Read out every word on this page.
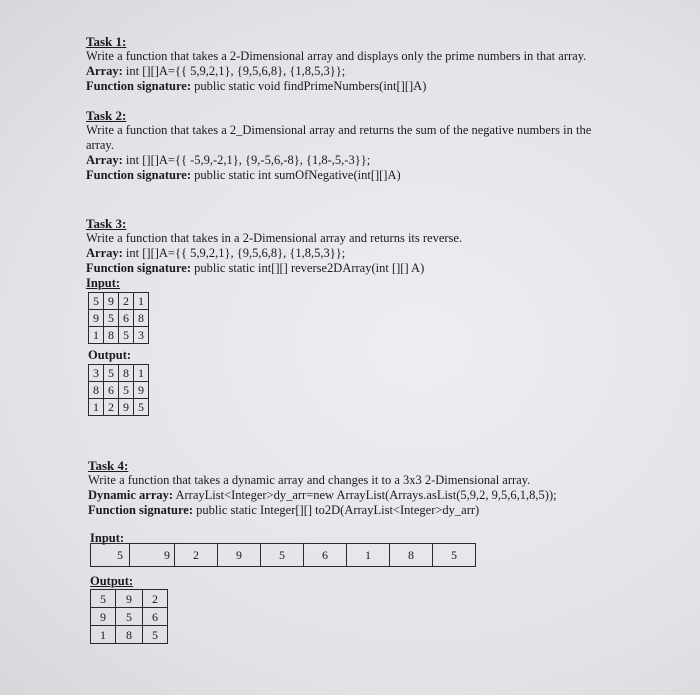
Task 1:
Write a function that takes a 2-Dimensional array and displays only the prime numbers in that array.
Array: int [][]A={{ 5,9,2,1}, {9,5,6,8}, {1,8,5,3}};
Function signature: public static void findPrimeNumbers(int[][]A)
Task 2:
Write a function that takes a 2_Dimensional array and returns the sum of the negative numbers in the
array.
Array: int [][]A={{ -5,9,-2,1}, {9,-5,6,-8}, {1,8-,5,-3}};
Function signature: public static int sumOfNegative(int[][]A)
Task 3:
Write a function that takes in a 2-Dimensional array and returns its reverse.
Array: int [][]A={{ 5,9,2,1}, {9,5,6,8}, {1,8,5,3}};
Function signature: public static int[][] reverse2DArray(int [][] A)
Input:
5	9	2	1
9	5	6	8
1	8	5	3
Output:
3	5	8	1
8	6	5	9
1	2	9	5
Task 4:
Write a function that takes a dynamic array and changes it to a 3x3 2-Dimensional array.
Dynamic array: ArrayList<Integer>dy_arr=new ArrayList(Arrays.asList(5,9,2, 9,5,6,1,8,5));
Function signature: public static Integer[][] to2D(ArrayList<Integer>dy_arr)
Input:
5	9	2	9	5	6	1	8	5
Output:
5	9	2
9	5	6
1	8	5
